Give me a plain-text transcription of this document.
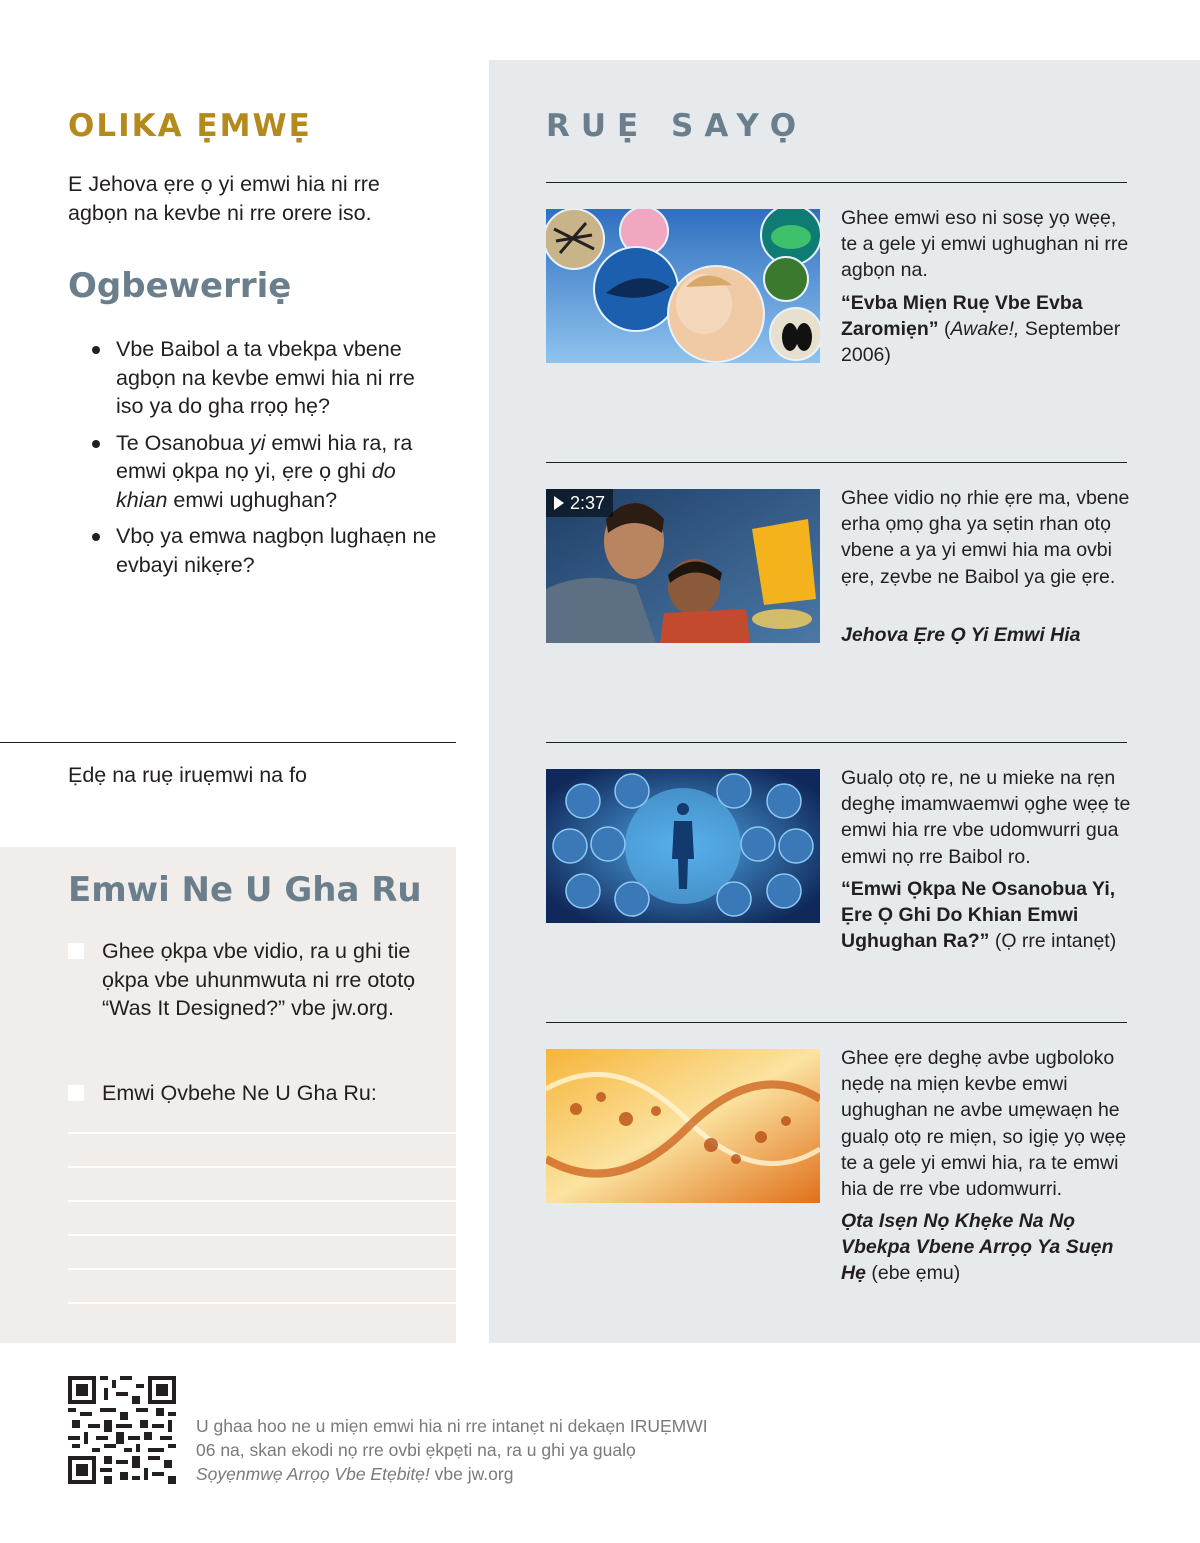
OLIKA ẸMWẸ

E Jehova ẹre ọ yi emwi hia ni rre agbọn na kevbe ni rre orere iso.

Ogbewerriẹ
Vbe Baibol a ta vbekpa vbene agbọn na kevbe emwi hia ni rre iso ya do gha rrọọ hẹ?
Te Osanobua yi emwi hia ra, ra emwi ọkpa nọ yi, ẹre ọ ghi do khian emwi ughughan?
Vbọ ya emwa nagbọn lughaẹn ne evbayi nikẹre?

Ẹdẹ na ruẹ iruẹmwi na fo

Emwi Ne U Gha Ru
Ghee ọkpa vbe vidio, ra u ghi tie ọkpa vbe uhunmwuta ni rre ototọ “Was It Designed?” vbe jw.org.
Emwi Ọvbehe Ne U Gha Ru:
RUẸ SAYỌ

Ghee emwi eso ni sosẹ yọ wẹẹ, te a gele yi emwi ughughan ni rre agbọn na.

“Evba Miẹn Ruẹ Vbe Evba Zaromiẹn” (Awake!, September 2006)

2:37	Ghee vidio nọ rhie ẹre ma, vbene erha ọmọ gha ya sẹtin rhan otọ vbene a ya yi emwi hia ma ovbi ẹre, zẹvbe ne Baibol ya gie ẹre.

Jehova Ẹre Ọ Yi Emwi Hia

Gualọ otọ re, ne u mieke na rẹn deghẹ imamwaemwi ọghe wẹẹ te emwi hia rre vbe udomwurri gua emwi nọ rre Baibol ro.

“Emwi Ọkpa Ne Osanobua Yi, Ẹre Ọ Ghi Do Khian Emwi Ughughan Ra?” (Ọ rre intanẹt)

Ghee ẹre deghẹ avbe ugboloko nẹdẹ na miẹn kevbe emwi ughughan ne avbe umẹwaẹn he gualọ otọ re miẹn, so igiẹ yọ wẹẹ te a gele yi emwi hia, ra te emwi hia de rre vbe udomwurri.

Ọta Isẹn Nọ Khẹke Na Nọ Vbekpa Vbene Arrọọ Ya Suẹn Hẹ (ebe ẹmu)

U ghaa hoo ne u miẹn emwi hia ni rre intanẹt ni dekaẹn IRUẸMWI 06 na, skan ekodi nọ rre ovbi ẹkpẹti na, ra u ghi ya gualọ Sọyẹnmwẹ Arrọọ Vbe Etẹbitẹ! vbe jw.org
